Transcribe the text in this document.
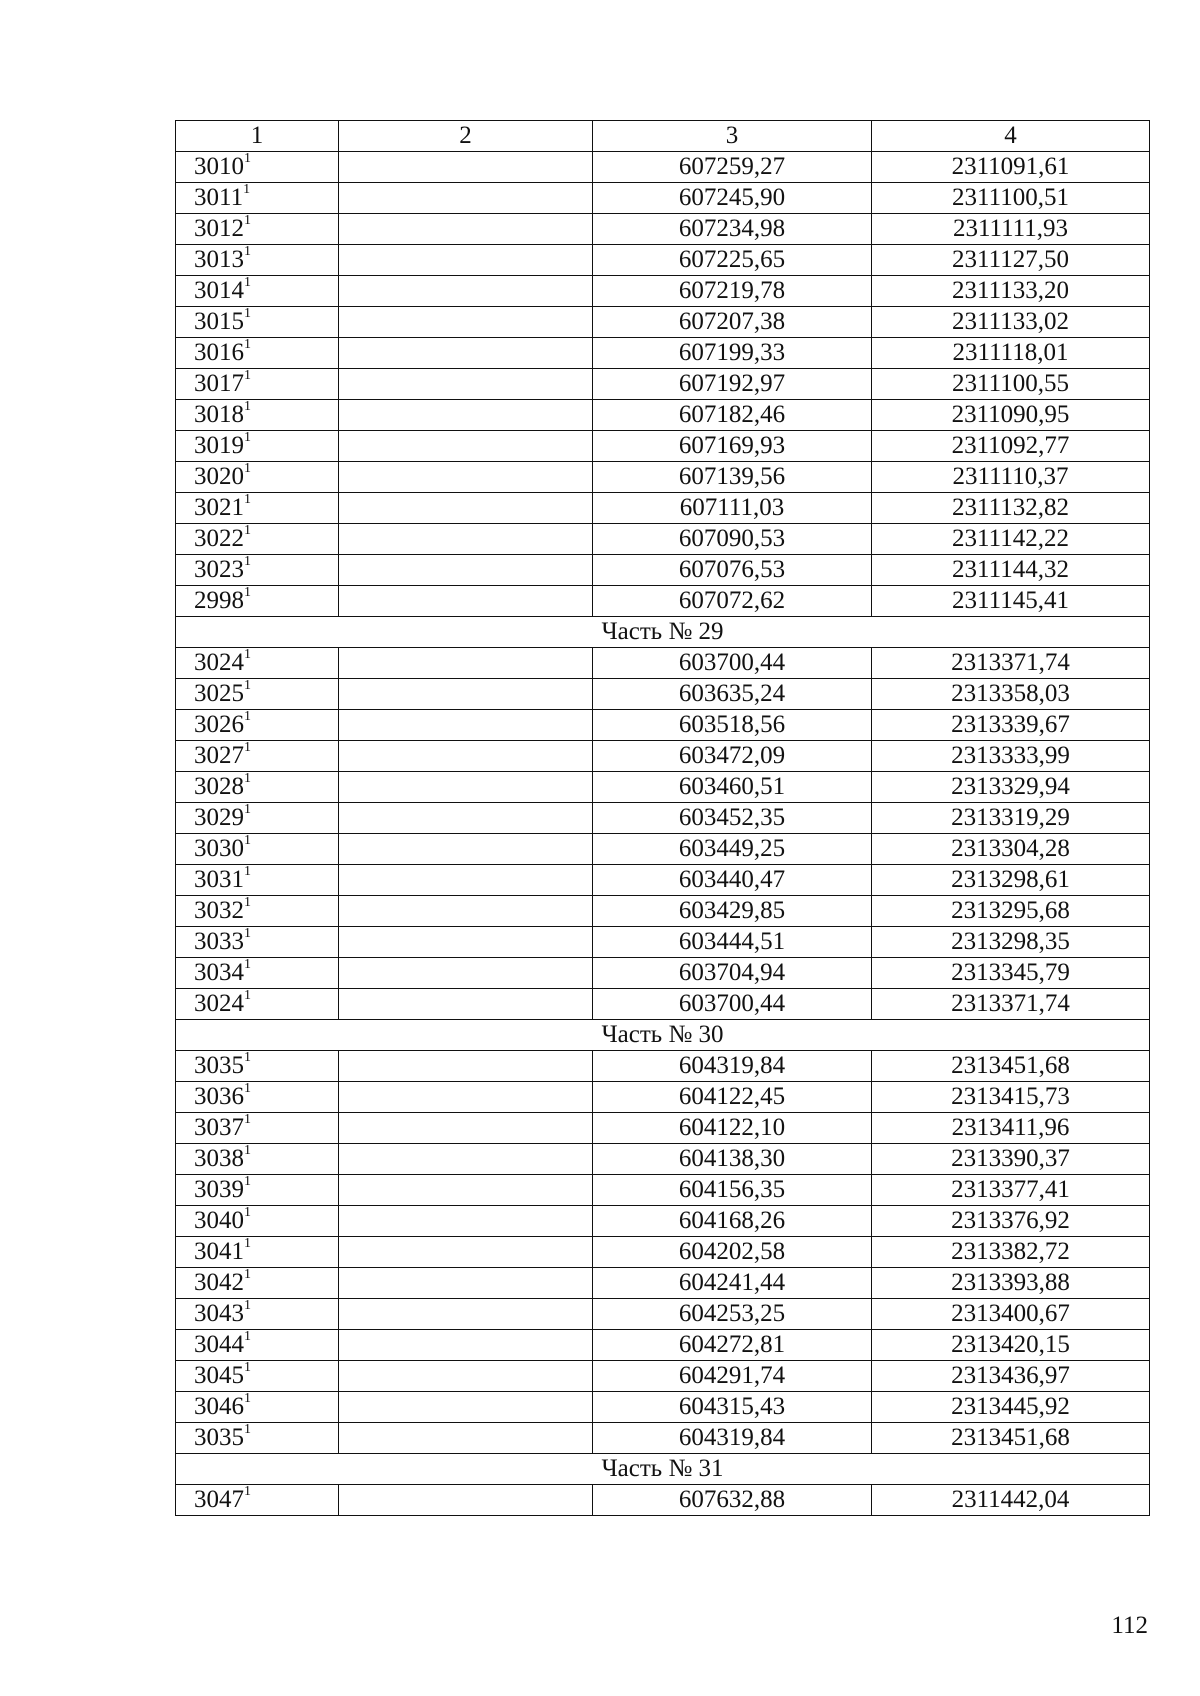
1	2	3	4
3010$^1$		607259,27	2311091,61
3011$^1$		607245,90	2311100,51
3012$^1$		607234,98	2311111,93
3013$^1$		607225,65	2311127,50
3014$^1$		607219,78	2311133,20
3015$^1$		607207,38	2311133,02
3016$^1$		607199,33	2311118,01
3017$^1$		607192,97	2311100,55
3018$^1$		607182,46	2311090,95
3019$^1$		607169,93	2311092,77
3020$^1$		607139,56	2311110,37
3021$^1$		607111,03	2311132,82
3022$^1$		607090,53	2311142,22
3023$^1$		607076,53	2311144,32
2998$^1$		607072,62	2311145,41
Часть № 29			
3024$^1$		603700,44	2313371,74
3025$^1$		603635,24	2313358,03
3026$^1$		603518,56	2313339,67
3027$^1$		603472,09	2313333,99
3028$^1$		603460,51	2313329,94
3029$^1$		603452,35	2313319,29
3030$^1$		603449,25	2313304,28
3031$^1$		603440,47	2313298,61
3032$^1$		603429,85	2313295,68
3033$^1$		603444,51	2313298,35
3034$^1$		603704,94	2313345,79
3024$^1$		603700,44	2313371,74
Часть № 30			
3035$^1$		604319,84	2313451,68
3036$^1$		604122,45	2313415,73
3037$^1$		604122,10	2313411,96
3038$^1$		604138,30	2313390,37
3039$^1$		604156,35	2313377,41
3040$^1$		604168,26	2313376,92
3041$^1$		604202,58	2313382,72
3042$^1$		604241,44	2313393,88
3043$^1$		604253,25	2313400,67
3044$^1$		604272,81	2313420,15
3045$^1$		604291,74	2313436,97
3046$^1$		604315,43	2313445,92
3035$^1$		604319,84	2313451,68
Часть № 31			
3047$^1$		607632,88	2311442,04
112
